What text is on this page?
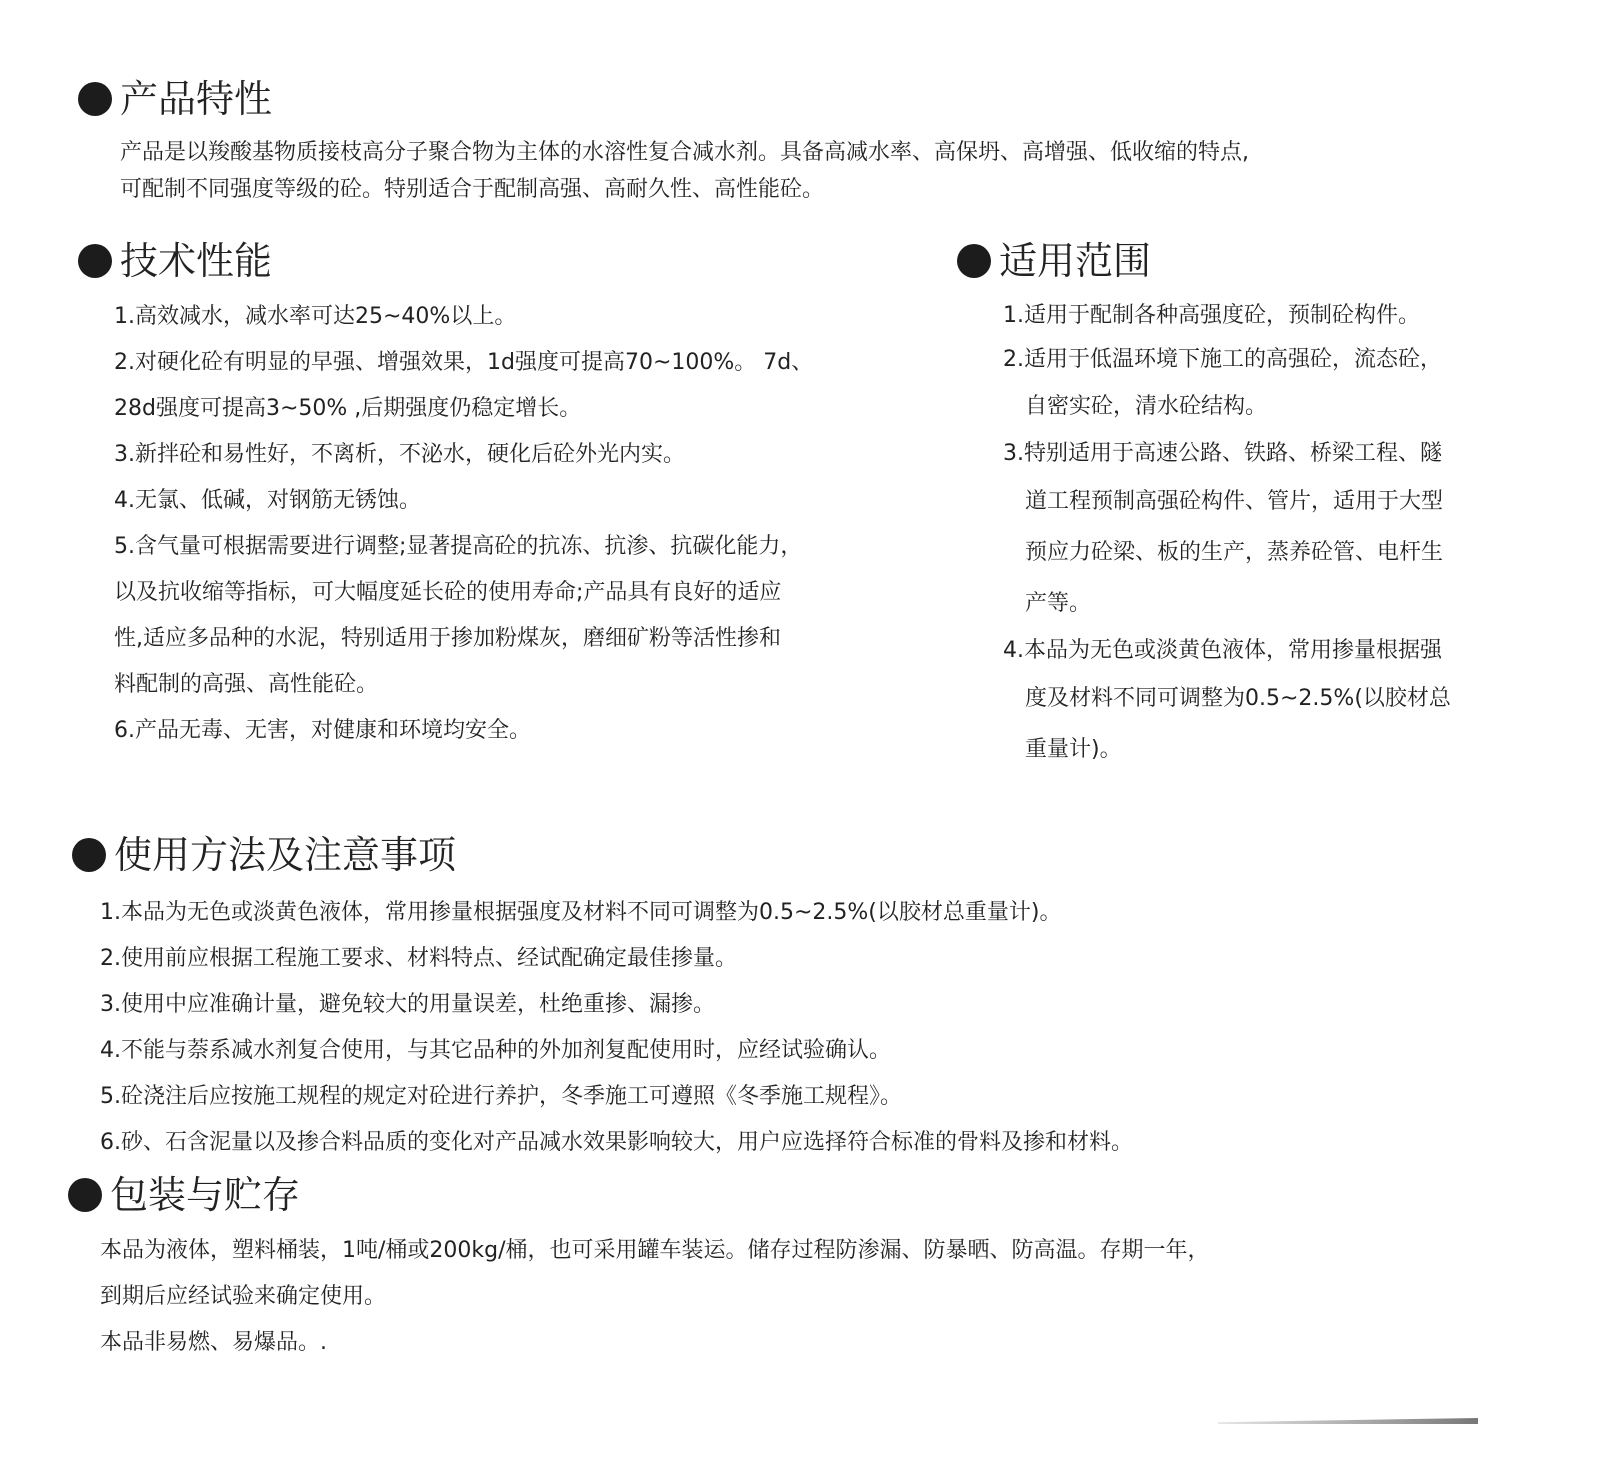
产品特性
产品是以羧酸基物质接枝高分子聚合物为主体的水溶性复合减水剂。具备高减水率、高保坍、高增强、低收缩的特点,
可配制不同强度等级的砼。特别适合于配制高强、高耐久性、高性能砼。
技术性能
1.高效减水，减水率可达25~40%以上。
2.对硬化砼有明显的早强、增强效果，1d强度可提高70~100%。 7d、
28d强度可提高3~50% ,后期强度仍稳定增长。
3.新拌砼和易性好，不离析，不泌水，硬化后砼外光内实。
4.无氯、低碱，对钢筋无锈蚀。
5.含气量可根据需要进行调整;显著提高砼的抗冻、抗渗、抗碳化能力，
以及抗收缩等指标，可大幅度延长砼的使用寿命;产品具有良好的适应
性,适应多品种的水泥，特别适用于掺加粉煤灰，磨细矿粉等活性掺和
料配制的高强、高性能砼。
6.产品无毒、无害，对健康和环境均安全。
适用范围
1.适用于配制各种高强度砼，预制砼构件。
2.适用于低温环境下施工的高强砼，流态砼，
自密实砼，清水砼结构。
3.特别适用于高速公路、铁路、桥梁工程、隧
道工程预制高强砼构件、管片，适用于大型
预应力砼梁、板的生产，蒸养砼管、电杆生
产等。
4.本品为无色或淡黄色液体，常用掺量根据强
度及材料不同可调整为0.5~2.5%(以胶材总
重量计)。
使用方法及注意事项
1.本品为无色或淡黄色液体，常用掺量根据强度及材料不同可调整为0.5~2.5%(以胶材总重量计)。
2.使用前应根据工程施工要求、材料特点、经试配确定最佳掺量。
3.使用中应准确计量，避免较大的用量误差，杜绝重掺、漏掺。
4.不能与萘系减水剂复合使用，与其它品种的外加剂复配使用时，应经试验确认。
5.砼浇注后应按施工规程的规定对砼进行养护，冬季施工可遵照《冬季施工规程》。
6.砂、石含泥量以及掺合料品质的变化对产品减水效果影响较大，用户应选择符合标准的骨料及掺和材料。
包装与贮存
本品为液体，塑料桶装，1吨/桶或200kg/桶，也可采用罐车装运。储存过程防渗漏、防暴晒、防高温。存期一年，
到期后应经试验来确定使用。
本品非易燃、易爆品。.
